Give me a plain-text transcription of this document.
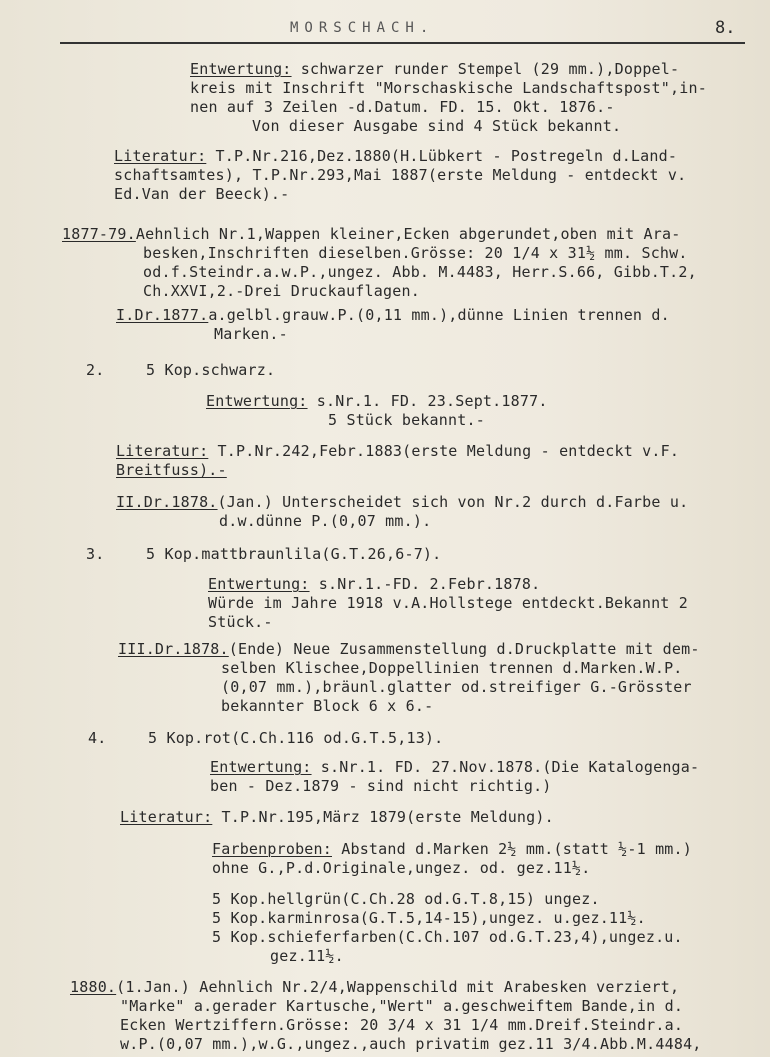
MORSCHACH.	8.
Entwertung: schwarzer runder Stempel (29 mm.),Doppel-
kreis mit Inschrift "Morschaskische Landschaftspost",in-
nen auf 3 Zeilen -d.Datum. FD. 15. Okt. 1876.-
Von dieser Ausgabe sind 4 Stück bekannt.
Literatur: T.P.Nr.216,Dez.1880(H.Lübkert - Postregeln d.Land-
schaftsamtes), T.P.Nr.293,Mai 1887(erste Meldung - entdeckt v.
Ed.Van der Beeck).-
1877-79.Aehnlich Nr.1,Wappen kleiner,Ecken abgerundet,oben mit Ara-
besken,Inschriften dieselben.Grösse: 20 1/4 x 31½ mm. Schw.
od.f.Steindr.a.w.P.,ungez. Abb. M.4483, Herr.S.66, Gibb.T.2,
Ch.XXVI,2.-Drei Druckauflagen.
I.Dr.1877.a.gelbl.grauw.P.(0,11 mm.),dünne Linien trennen d.
Marken.-
2.	5 Kop.schwarz.
Entwertung: s.Nr.1. FD. 23.Sept.1877.
5 Stück bekannt.-
Literatur: T.P.Nr.242,Febr.1883(erste Meldung - entdeckt v.F.
Breitfuss).-
II.Dr.1878.(Jan.) Unterscheidet sich von Nr.2 durch d.Farbe u.
d.w.dünne P.(0,07 mm.).
3.	5 Kop.mattbraunlila(G.T.26,6-7).
Entwertung: s.Nr.1.-FD. 2.Febr.1878.
Würde im Jahre 1918 v.A.Hollstege entdeckt.Bekannt 2
Stück.-
III.Dr.1878.(Ende) Neue Zusammenstellung d.Druckplatte mit dem-
selben Klischee,Doppellinien trennen d.Marken.W.P.
(0,07 mm.),bräunl.glatter od.streifiger G.-Grösster
bekannter Block 6 x 6.-
4.	5 Kop.rot(C.Ch.116 od.G.T.5,13).
Entwertung: s.Nr.1. FD. 27.Nov.1878.(Die Katalogenga-
ben - Dez.1879 - sind nicht richtig.)
Literatur: T.P.Nr.195,März 1879(erste Meldung).
Farbenproben: Abstand d.Marken 2½ mm.(statt ½-1 mm.)
ohne G.,P.d.Originale,ungez. od. gez.11½.
5 Kop.hellgrün(C.Ch.28 od.G.T.8,15) ungez.
5 Kop.karminrosa(G.T.5,14-15),ungez. u.gez.11½.
5 Kop.schieferfarben(C.Ch.107 od.G.T.23,4),ungez.u.
gez.11½.
1880.(1.Jan.) Aehnlich Nr.2/4,Wappenschild mit Arabesken verziert,
"Marke" a.gerader Kartusche,"Wert" a.geschweiftem Bande,in d.
Ecken Wertziffern.Grösse: 20 3/4 x 31 1/4 mm.Dreif.Steindr.a.
w.P.(0,07 mm.),w.G.,ungez.,auch privatim gez.11 3/4.Abb.M.4484,
